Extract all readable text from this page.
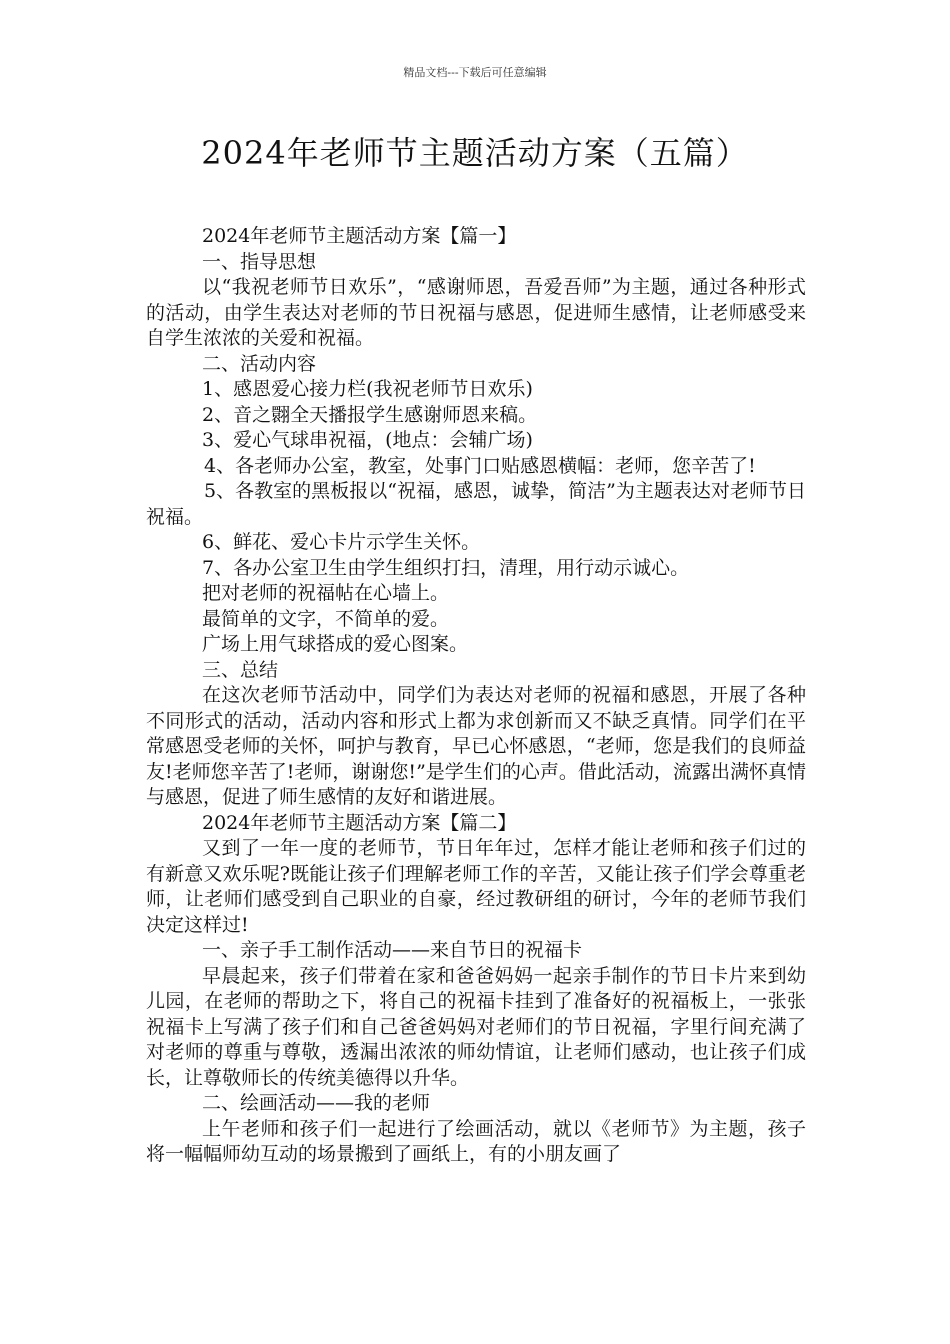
精品文档---下载后可任意编辑
2024年老师节主题活动方案（五篇）

2024年老师节主题活动方案【篇一】

一、指导思想

以“我祝老师节日欢乐”，“感谢师恩，吾爱吾师”为主题，通过各种形式的活动，由学生表达对老师的节日祝福与感恩，促进师生感情，让老师感受来自学生浓浓的关爱和祝福。

二、活动内容

1、感恩爱心接力栏(我祝老师节日欢乐)

2、音之翾全天播报学生感谢师恩来稿。

3、爱心气球串祝福，(地点：会辅广场)

4、各老师办公室，教室，处事门口贴感恩横幅：老师，您辛苦了!

5、各教室的黑板报以“祝福，感恩，诚挚，简洁”为主题表达对老师节日祝福。

6、鲜花、爱心卡片示学生关怀。

7、各办公室卫生由学生组织打扫，清理，用行动示诚心。

把对老师的祝福帖在心墙上。

最简单的文字，不简单的爱。

广场上用气球搭成的爱心图案。

三、总结

在这次老师节活动中，同学们为表达对老师的祝福和感恩，开展了各种不同形式的活动，活动内容和形式上都为求创新而又不缺乏真情。同学们在平常感恩受老师的关怀，呵护与教育，早已心怀感恩，“老师，您是我们的良师益友!老师您辛苦了!老师，谢谢您!”是学生们的心声。借此活动，流露出满怀真情与感恩，促进了师生感情的友好和谐进展。

2024年老师节主题活动方案【篇二】

又到了一年一度的老师节，节日年年过，怎样才能让老师和孩子们过的有新意又欢乐呢?既能让孩子们理解老师工作的辛苦，又能让孩子们学会尊重老师，让老师们感受到自己职业的自豪，经过教研组的研讨，今年的老师节我们决定这样过!

一、亲子手工制作活动——来自节日的祝福卡

早晨起来，孩子们带着在家和爸爸妈妈一起亲手制作的节日卡片来到幼儿园，在老师的帮助之下，将自己的祝福卡挂到了准备好的祝福板上，一张张祝福卡上写满了孩子们和自己爸爸妈妈对老师们的节日祝福，字里行间充满了对老师的尊重与尊敬，透漏出浓浓的师幼情谊，让老师们感动，也让孩子们成长，让尊敬师长的传统美德得以升华。

二、绘画活动——我的老师

上午老师和孩子们一起进行了绘画活动，就以《老师节》为主题，孩子将一幅幅师幼互动的场景搬到了画纸上，有的小朋友画了
